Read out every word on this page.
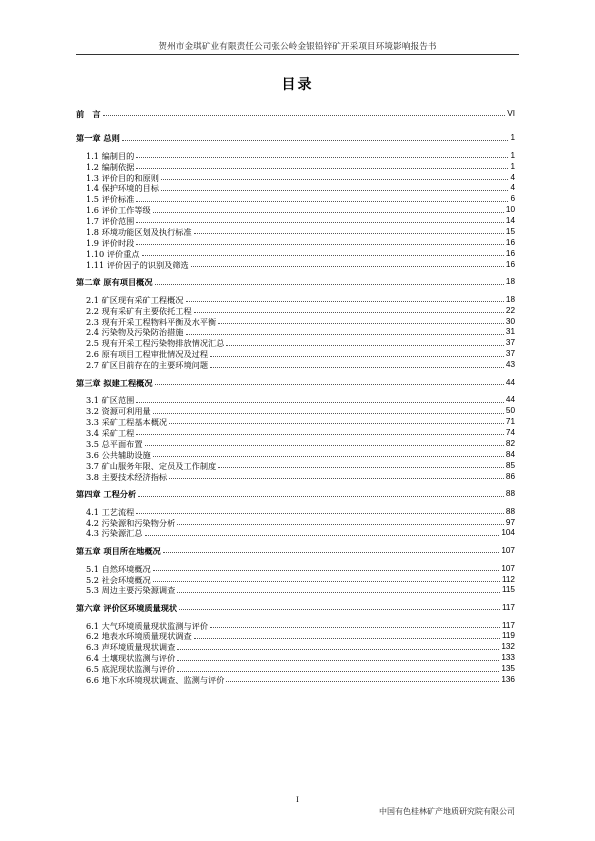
贺州市金琪矿业有限责任公司张公岭金银铅锌矿开采项目环境影响报告书
目录
前　言	VI
第一章 总则	1
1.1 编制目的	1
1.2 编制依据	1
1.3 评价目的和原则	4
1.4 保护环境的目标	4
1.5 评价标准	6
1.6 评价工作等级	10
1.7 评价范围	14
1.8 环境功能区划及执行标准	15
1.9 评价时段	16
1.10 评价重点	16
1.11 评价因子的识别及筛选	16
第二章 原有项目概况	18
2.1 矿区现有采矿工程概况	18
2.2 现有采矿有主要依托工程	22
2.3 现有开采工程物料平衡及水平衡	30
2.4 污染物及污染防治措施	31
2.5 现有开采工程污染物排放情况汇总	37
2.6 原有项目工程审批情况及过程	37
2.7 矿区目前存在的主要环境问题	43
第三章 拟建工程概况	44
3.1 矿区范围	44
3.2 资源可利用量	50
3.3 采矿工程基本概况	71
3.4 采矿工程	74
3.5 总平面布置	82
3.6 公共辅助设施	84
3.7 矿山服务年限、定员及工作制度	85
3.8 主要技术经济指标	86
第四章 工程分析	88
4.1 工艺流程	88
4.2 污染源和污染物分析	97
4.3 污染源汇总	104
第五章 项目所在地概况	107
5.1 自然环境概况	107
5.2 社会环境概况	112
5.3 周边主要污染源调查	115
第六章 评价区环境质量现状	117
6.1 大气环境质量现状监测与评价	117
6.2 地表水环境质量现状调查	119
6.3 声环境质量现状调查	132
6.4 土壤现状监测与评价	133
6.5 底泥现状监测与评价	135
6.6 地下水环境现状调查、监测与评价	136
I
中国有色桂林矿产地质研究院有限公司
